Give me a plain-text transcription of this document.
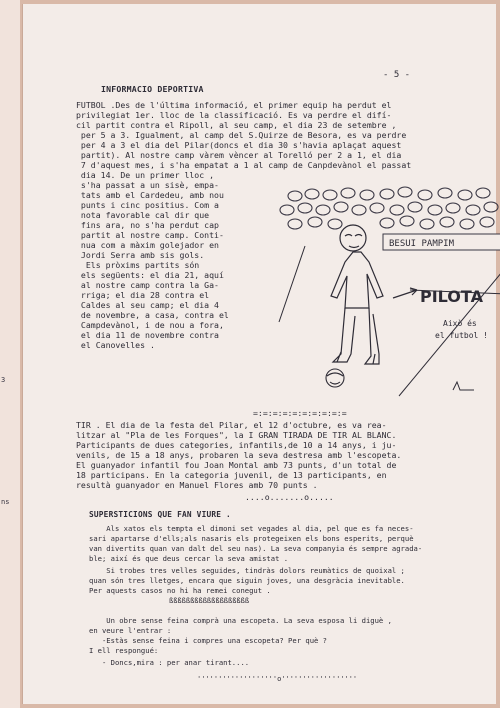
3
ns
- 5 -
INFORMACIO DEPORTIVA
FUTBOL .Des de l'última informació, el primer equip ha perdut el
privilegiat 1er. lloc de la classificació. Es va perdre el difí-
cil partit contra el Ripoll, al seu camp, el dia 23 de setembre ,
per 5 a 3. Igualment, al camp del S.Quirze de Besora, es va perdre
per 4 a 3 el dia del Pilar(doncs el dia 30 s'havia aplaçat aquest
partit). Al nostre camp vàrem vèncer al Torelló per 2 a 1, el dia
7 d'aquest mes, i s'ha empatat a 1 al camp de Canpdevànol el passat
dia 14. De un primer lloc ,
s'ha passat a un sisè, empa-
tats amb el Cardedeu, amb nou
punts i cinc positius. Com a
nota favorable cal dir que
fins ara, no s'ha perdut cap
partit al nostre camp. Conti-
nua com a màxim golejador en
Jordi Serra amb sis gols.
Els pròxims partits són
els següents: el dia 21, aquí
al nostre camp contra la Ga-
rriga; el dia 28 contra el
Caldes al seu camp; el dia 4
de novembre, a casa, contra el
Campdevànol, i de nou a fora,
el dia 11 de novembre contra
el Canovelles .
BESUI PAMPIM
PILOTA
Això és
el futbol !
=:=:=:=:=:=:=:=:=:=
TIR . El dia de la festa del Pilar, el 12 d'octubre, es va rea-
litzar al "Pla de les Forques", la I GRAN TIRADA DE TIR AL BLANC.
Participants de dues categories, infantils,de 10 a 14 anys, i ju-
venils, de 15 a 18 anys, probaren la seva destresa amb l'escopeta.
El guanyador infantil fou Joan Montal amb 73 punts, d'un total de
18 participans. En la categoria juvenil, de 13 participants, en
resultà guanyador en Manuel Flores amb 70 punts .
....o.......o.....
SUPERSTICIONS QUE FAN VIURE .
Als xatos els tempta el dimoni set vegades al dia, pel que es fa neces-
sari apartarse d'ells;als nasaris els protegeixen els bons esperits, perquè
van divertits quan van dalt del seu nas). La seva companyia és sempre agrada-
ble; així és que deus cercar la seva amistat .
Si trobes tres velles seguides, tindràs dolors reumàtics de quoixal ;
quan són tres lletges, encara que siguin joves, una desgràcia inevitable.
Per aquests casos no hi ha remei conegut .
ßßßßßßßßßßßßßßßßßßß
Un obre sense feina comprà una escopeta. La seva esposa li diguè ,
en veure l'entrar :
-Estàs sense feina i compres una escopeta? Per què ?
I ell respongué:
- Doncs,mira : per anar tirant....
'''''''''''''''''''o''''''''''''''''''
